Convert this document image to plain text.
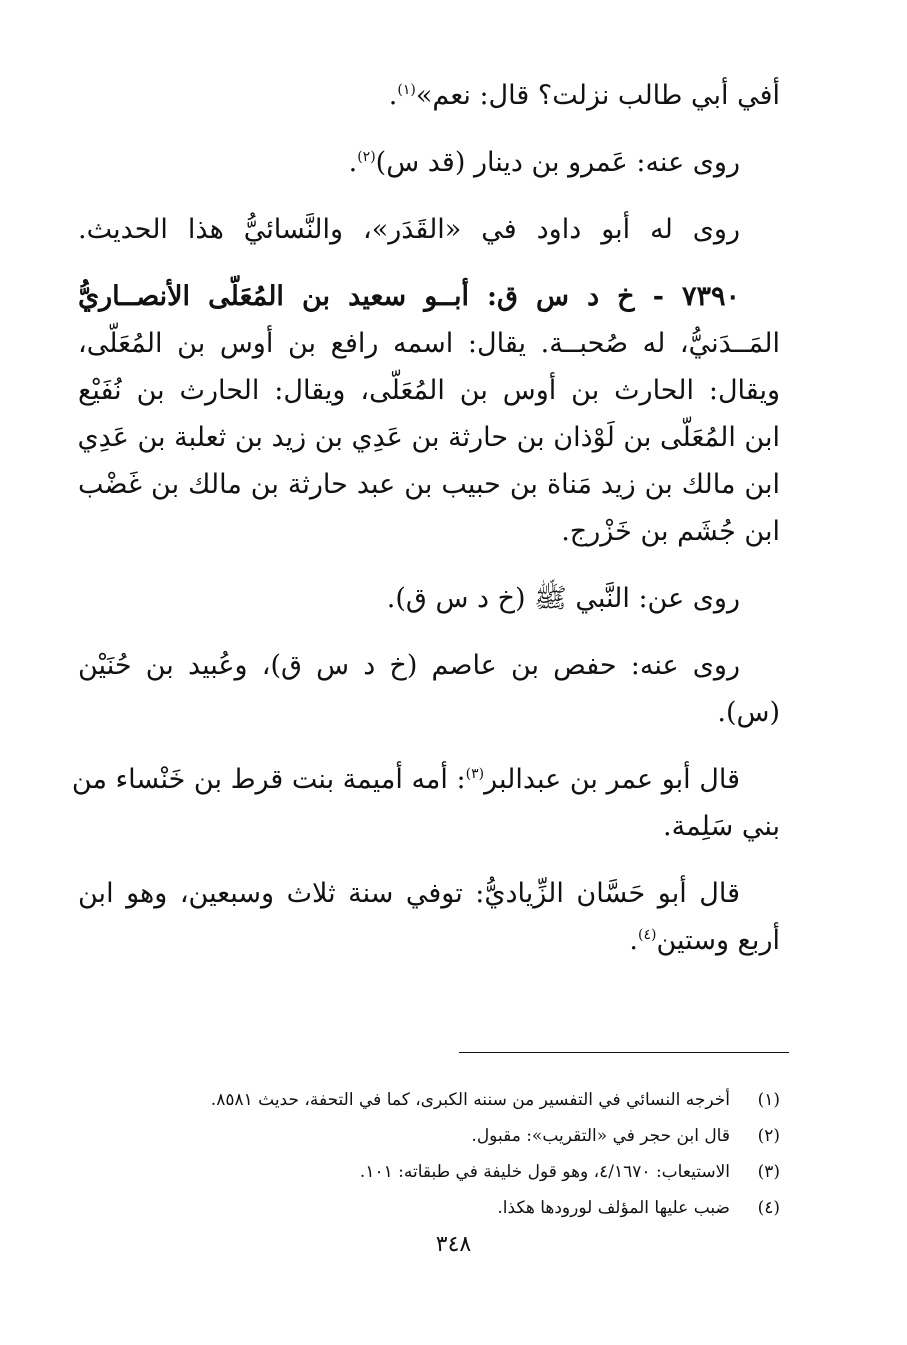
أفي أبي طالب نزلت؟ قال: نعم»$^{(١)}$.
روى عنه: عَمرو بن دينار (قد س)$^{(٢)}$.
روى له أبو داود في «القَدَر»، والنَّسائيُّ هذا الحديث.
٧٣٩٠ - خ د س ق: أبــو سعيد بن المُعَلّى الأنصــاريُّ
المَــدَنيُّ، له صُحبــة. يقال: اسمه رافع بن أوس بن المُعَلّى،
ويقال: الحارث بن أوس بن المُعَلّى، ويقال: الحارث بن نُفَيْع
ابن المُعَلّى بن لَوْذان بن حارثة بن عَدِي بن زيد بن ثعلبة بن عَدِي
ابن مالك بن زيد مَناة بن حبيب بن عبد حارثة بن مالك بن غَضْب
ابن جُشَم بن خَزْرج.
روى عن: النَّبي ﷺ (خ د س ق).
روى عنه: حفص بن عاصم (خ د س ق)، وعُبيد بن حُنَيْن
(س).
قال أبو عمر بن عبدالبر$^{(٣)}$: أمه أميمة بنت قرط بن خَنْساء من
بني سَلِمة.
قال أبو حَسَّان الزِّياديُّ: توفي سنة ثلاث وسبعين، وهو ابن
أربع وستين$^{(٤)}$.
(١)
أخرجه النسائي في التفسير من سننه الكبرى، كما في التحفة، حديث ٨٥٨١.
(٢)
قال ابن حجر في «التقريب»: مقبول.
(٣)
الاستيعاب: ٤/١٦٧٠، وهو قول خليفة في طبقاته: ١٠١.
(٤)
ضبب عليها المؤلف لورودها هكذا.
٣٤٨
